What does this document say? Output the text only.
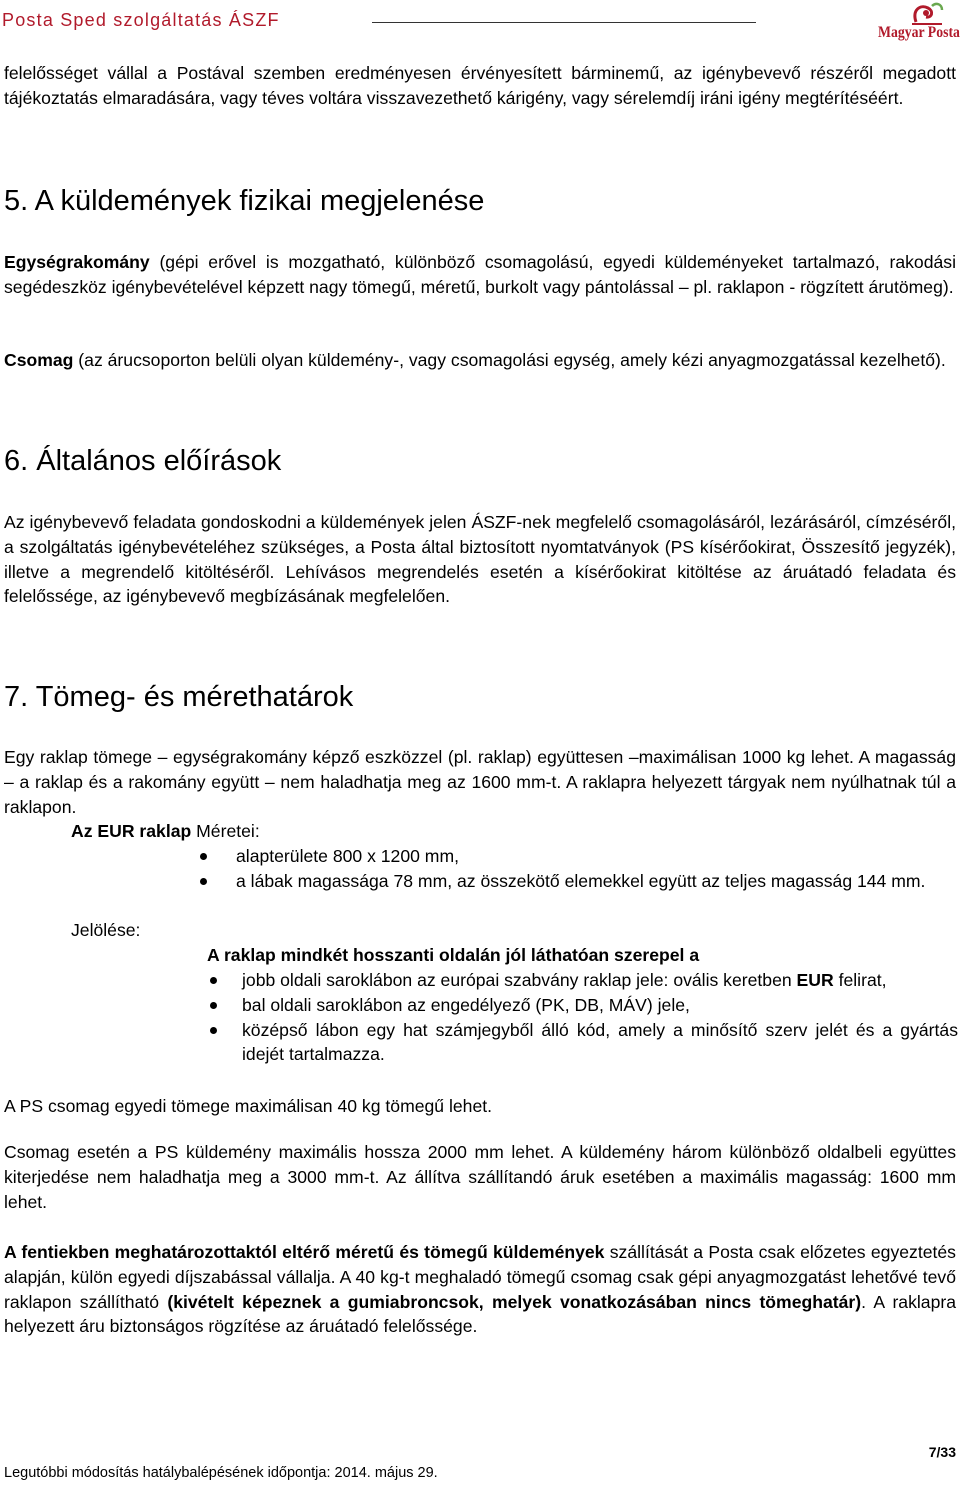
Posta Sped szolgáltatás ÁSZF
Magyar Posta

felelősséget vállal a Postával szemben eredményesen érvényesített bárminemű, az igénybevevő részéről megadott tájékoztatás elmaradására, vagy téves voltára visszavezethető kárigény, vagy sérelemdíj iráni igény megtérítéséért.

5. A küldemények fizikai megjelenése

Egységrakomány (gépi erővel is mozgatható, különböző csomagolású, egyedi küldeményeket tartalmazó, rakodási segédeszköz igénybevételével képzett nagy tömegű, méretű, burkolt vagy pántolással – pl. raklapon - rögzített árutömeg).

Csomag (az árucsoporton belüli olyan küldemény-, vagy csomagolási egység, amely kézi anyagmozgatással kezelhető).

6. Általános előírások

Az igénybevevő feladata gondoskodni a küldemények jelen ÁSZF-nek megfelelő csomagolásáról, lezárásáról, címzéséről, a szolgáltatás igénybevételéhez szükséges, a Posta által biztosított nyomtatványok (PS kísérőokirat, Összesítő jegyzék), illetve a megrendelő kitöltéséről. Lehívásos megrendelés esetén a kísérőokirat kitöltése az áruátadó feladata és felelőssége, az igénybevevő megbízásának megfelelően.

7. Tömeg- és mérethatárok

Egy raklap tömege – egységrakomány képző eszközzel (pl. raklap) együttesen –maximálisan 1000 kg lehet. A magasság – a raklap és a rakomány együtt – nem haladhatja meg az 1600 mm-t. A raklapra helyezett tárgyak nem nyúlhatnak túl a raklapon.

Az EUR raklap Méretei:

alapterülete 800 x 1200 mm,
a lábak magassága 78 mm, az összekötő elemekkel együtt az teljes magasság 144 mm.

Jelölése:

A raklap mindkét hosszanti oldalán jól láthatóan szerepel a

jobb oldali saroklábon az európai szabvány raklap jele: ovális keretben EUR felirat,
bal oldali saroklábon az engedélyező (PK, DB, MÁV) jele,
középső lábon egy hat számjegyből álló kód, amely a minősítő szerv jelét és a gyártás idejét tartalmazza.

A PS csomag egyedi tömege maximálisan 40 kg tömegű lehet.

Csomag esetén a PS küldemény maximális hossza 2000 mm lehet. A küldemény három különböző oldalbeli együttes kiterjedése nem haladhatja meg a 3000 mm-t. Az állítva szállítandó áruk esetében a maximális magasság: 1600 mm lehet.

A fentiekben meghatározottaktól eltérő méretű és tömegű küldemények szállítását a Posta csak előzetes egyeztetés alapján, külön egyedi díjszabással vállalja. A 40 kg-t meghaladó tömegű csomag csak gépi anyagmozgatást lehetővé tevő raklapon szállítható (kivételt képeznek a gumiabroncsok, melyek vonatkozásában nincs tömeghatár). A raklapra helyezett áru biztonságos rögzítése az áruátadó felelőssége.

7/33
Legutóbbi módosítás hatálybalépésének időpontja: 2014. május 29.
